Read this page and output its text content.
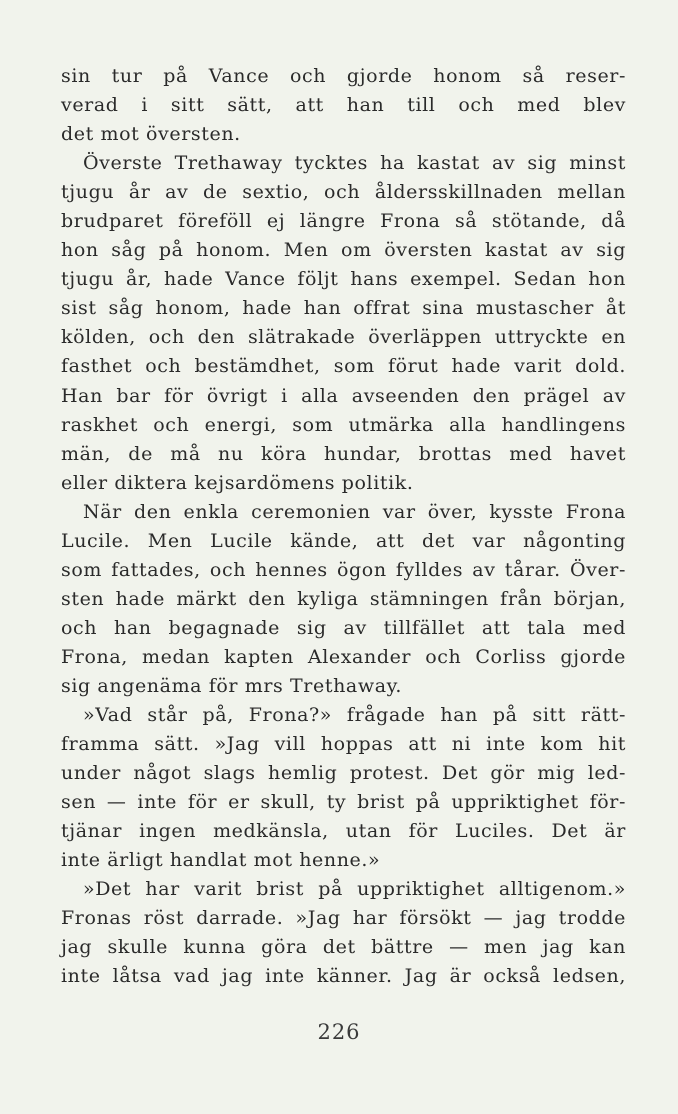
sin tur på Vance och gjorde honom så reser-
verad i sitt sätt, att han till och med blev
det mot översten.
Överste Trethaway tycktes ha kastat av sig minst
tjugu år av de sextio, och åldersskillnaden mellan
brudparet föreföll ej längre Frona så stötande, då
hon såg på honom. Men om översten kastat av sig
tjugu år, hade Vance följt hans exempel. Sedan hon
sist såg honom, hade han offrat sina mustascher åt
kölden, och den slätrakade överläppen uttryckte en
fasthet och bestämdhet, som förut hade varit dold.
Han bar för övrigt i alla avseenden den prägel av
raskhet och energi, som utmärka alla handlingens
män, de må nu köra hundar, brottas med havet
eller diktera kejsardömens politik.
När den enkla ceremonien var över, kysste Frona
Lucile. Men Lucile kände, att det var någonting
som fattades, och hennes ögon fylldes av tårar. Över-
sten hade märkt den kyliga stämningen från början,
och han begagnade sig av tillfället att tala med
Frona, medan kapten Alexander och Corliss gjorde
sig angenäma för mrs Trethaway.
»Vad står på, Frona?» frågade han på sitt rätt-
framma sätt. »Jag vill hoppas att ni inte kom hit
under något slags hemlig protest. Det gör mig led-
sen — inte för er skull, ty brist på uppriktighet för-
tjänar ingen medkänsla, utan för Luciles. Det är
inte ärligt handlat mot henne.»
»Det har varit brist på uppriktighet alltigenom.»
Fronas röst darrade. »Jag har försökt — jag trodde
jag skulle kunna göra det bättre — men jag kan
inte låtsa vad jag inte känner. Jag är också ledsen,
226
